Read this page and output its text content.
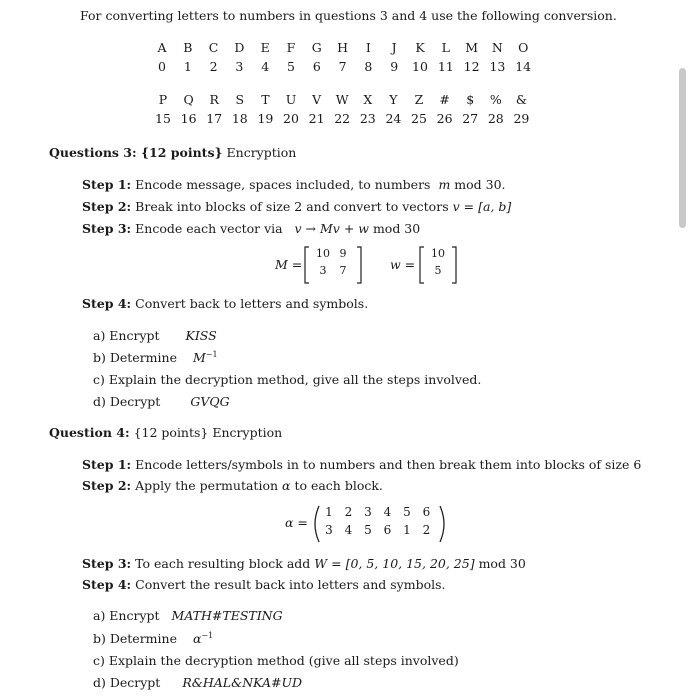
For converting letters to numbers in questions 3 and 4 use the following conversion.
A
0
B
1
C
2
D
3
E
4
F
5
G
6
H
7
I
8
J
9
K
10
L
11
M
12
N
13
O
14
P
15
Q
16
R
17
S
18
T
19
U
20
V
21
W
22
X
23
Y
24
Z
25
#
26
$
27
%
28
&
29
Questions 3: {12 points} Encryption
Step 1: Encode message, spaces included, to numbers m mod 30.
Step 2: Break into blocks of size 2 and convert to vectors v = [a, b]
Step 3: Encode each vector via v → Mv + w mod 30
M =
10 9
3	7	w =
10
5
Step 4: Convert back to letters and symbols.
a) Encrypt KISS
b) Determine $M^{-1}$
c) Explain the decryption method, give all the steps involved.
d) Decrypt GVQG
Question 4: {12 points} Encryption
Step 1: Encode letters/symbols in to numbers and then break them into blocks of size 6
Step 2: Apply the permutation α to each block.
α =
1 2 3 4 5 6
3 4 5 6 1 2
Step 3: To each resulting block add W = [0, 5, 10, 15, 20, 25] mod 30
Step 4: Convert the result back into letters and symbols.
a) Encrypt MATH#TESTING
b) Determine $\alpha^{-1}$
c) Explain the decryption method (give all steps involved)
d) Decrypt R&HAL&NKA#UD
